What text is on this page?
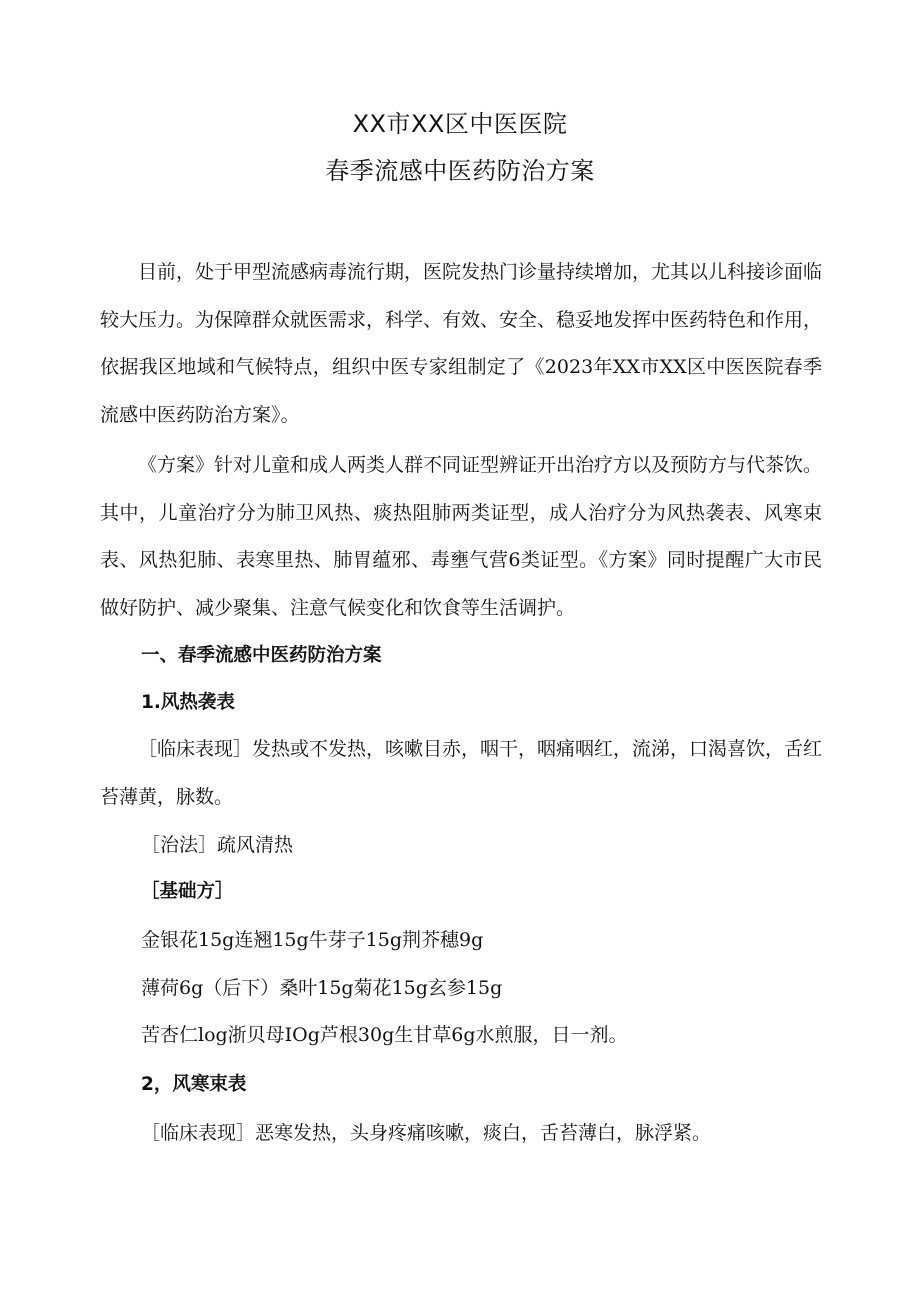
XX市XX区中医医院
春季流感中医药防治方案

目前，处于甲型流感病毒流行期，医院发热门诊量持续增加，尤其以儿科接诊面临较大压力。为保障群众就医需求，科学、有效、安全、稳妥地发挥中医药特色和作用，依据我区地域和气候特点，组织中医专家组制定了《2023年XX市XX区中医医院春季流感中医药防治方案》。

《方案》针对儿童和成人两类人群不同证型辨证开出治疗方以及预防方与代茶饮。其中，儿童治疗分为肺卫风热、痰热阻肺两类证型，成人治疗分为风热袭表、风寒束表、风热犯肺、表寒里热、肺胃蕴邪、毒壅气营6类证型。《方案》同时提醒广大市民做好防护、减少聚集、注意气候变化和饮食等生活调护。

一、春季流感中医药防治方案
1.风热袭表

［临床表现］发热或不发热，咳嗽目赤，咽干，咽痛咽红，流涕，口渴喜饮，舌红苔薄黄，脉数。

［治法］疏风清热
［基础方］
金银花15g连翘15g牛芽子15g荆芥穗9g
薄荷6g（后下）桑叶15g菊花15g玄参15g
苦杏仁log浙贝母IOg芦根30g生甘草6g水煎服，日一剂。
2，风寒束表
［临床表现］恶寒发热，头身疼痛咳嗽，痰白，舌苔薄白，脉浮紧。
